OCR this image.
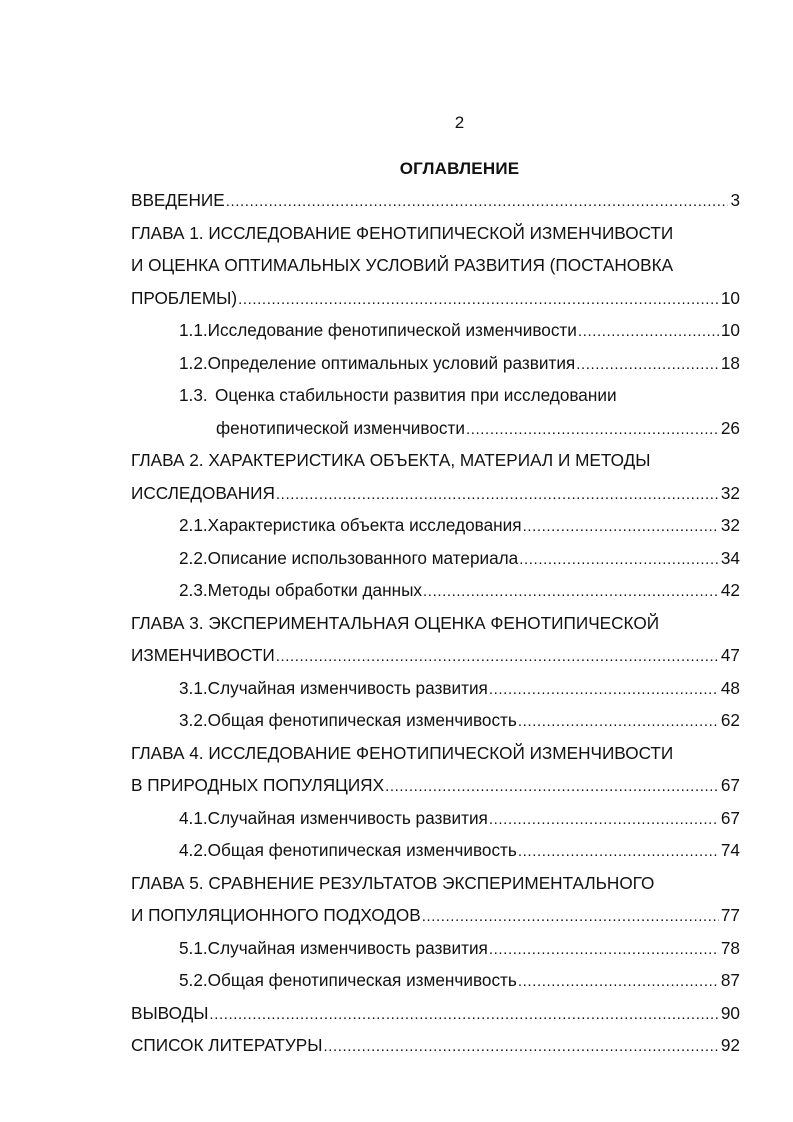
2
ОГЛАВЛЕНИЕ
ВВЕДЕНИЕ .....	3
ГЛАВА 1. ИССЛЕДОВАНИЕ ФЕНОТИПИЧЕСКОЙ ИЗМЕНЧИВОСТИ
И ОЦЕНКА ОПТИМАЛЬНЫХ УСЛОВИЙ РАЗВИТИЯ (ПОСТАНОВКА
ПРОБЛЕМЫ) .....	10
1.1. Исследование фенотипической изменчивости .....	10
1.2. Определение оптимальных условий развития .....	18
1.3. Оценка стабильности развития при исследовании
фенотипической изменчивости .....	26
ГЛАВА 2. ХАРАКТЕРИСТИКА ОБЪЕКТА, МАТЕРИАЛ И МЕТОДЫ
ИССЛЕДОВАНИЯ .....	32
2.1. Характеристика объекта исследования .....	32
2.2. Описание использованного материала .....	34
2.3. Методы обработки данных .....	42
ГЛАВА 3. ЭКСПЕРИМЕНТАЛЬНАЯ ОЦЕНКА ФЕНОТИПИЧЕСКОЙ
ИЗМЕНЧИВОСТИ .....	47
3.1. Случайная изменчивость развития .....	48
3.2. Общая фенотипическая изменчивость .....	62
ГЛАВА 4. ИССЛЕДОВАНИЕ ФЕНОТИПИЧЕСКОЙ ИЗМЕНЧИВОСТИ
В ПРИРОДНЫХ ПОПУЛЯЦИЯХ .....	67
4.1. Случайная изменчивость развития .....	67
4.2. Общая фенотипическая изменчивость .....	74
ГЛАВА 5. СРАВНЕНИЕ РЕЗУЛЬТАТОВ ЭКСПЕРИМЕНТАЛЬНОГО
И ПОПУЛЯЦИОННОГО ПОДХОДОВ .....	77
5.1. Случайная изменчивость развития .....	78
5.2. Общая фенотипическая изменчивость .....	87
ВЫВОДЫ .....	90
СПИСОК ЛИТЕРАТУРЫ .....	92
